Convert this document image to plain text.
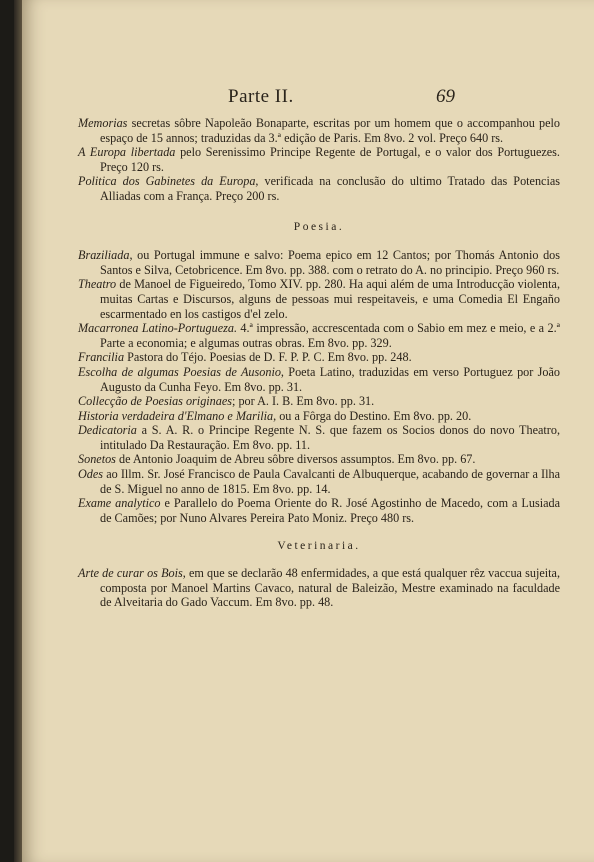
Parte II.	69

Memorias secretas sôbre Napoleão Bonaparte, escritas por um homem que o accompanhou pelo espaço de 15 annos; traduzidas da 3.ª edição de Paris. Em 8vo. 2 vol. Preço 640 rs.

A Europa libertada pelo Serenissimo Principe Regente de Portugal, e o valor dos Portuguezes. Preço 120 rs.

Politica dos Gabinetes da Europa, verificada na conclusão do ultimo Tratado das Potencias Alliadas com a França. Preço 200 rs.

Poesia.

Braziliada, ou Portugal immune e salvo: Poema epico em 12 Cantos; por Thomás Antonio dos Santos e Silva, Cetobricence. Em 8vo. pp. 388. com o retrato do A. no principio. Preço 960 rs.

Theatro de Manoel de Figueiredo, Tomo XIV. pp. 280. Ha aqui além de uma Introducção violenta, muitas Cartas e Discursos, alguns de pessoas mui respeitaveis, e uma Comedia El Engaño escarmentado en los castigos d'el zelo.

Macarronea Latino-Portugueza. 4.ª impressão, accrescentada com o Sabio em mez e meio, e a 2.ª Parte a economia; e algumas outras obras. Em 8vo. pp. 329.

Francilia Pastora do Téjo. Poesias de D. F. P. P. C. Em 8vo. pp. 248.

Escolha de algumas Poesias de Ausonio, Poeta Latino, traduzidas em verso Portuguez por João Augusto da Cunha Feyo. Em 8vo. pp. 31.

Collecção de Poesias originaes; por A. I. B. Em 8vo. pp. 31.

Historia verdadeira d'Elmano e Marilia, ou a Fôrga do Destino. Em 8vo. pp. 20.

Dedicatoria a S. A. R. o Principe Regente N. S. que fazem os Socios donos do novo Theatro, intitulado Da Restauração. Em 8vo. pp. 11.

Sonetos de Antonio Joaquim de Abreu sôbre diversos assumptos. Em 8vo. pp. 67.

Odes ao Illm. Sr. José Francisco de Paula Cavalcanti de Albuquerque, acabando de governar a Ilha de S. Miguel no anno de 1815. Em 8vo. pp. 14.

Exame analytico e Parallelo do Poema Oriente do R. José Agostinho de Macedo, com a Lusiada de Camões; por Nuno Alvares Pereira Pato Moniz. Preço 480 rs.

Veterinaria.

Arte de curar os Bois, em que se declarão 48 enfermidades, a que está qualquer rêz vaccua sujeita, composta por Manoel Martins Cavaco, natural de Baleizão, Mestre examinado na faculdade de Alveitaria do Gado Vaccum. Em 8vo. pp. 48.
